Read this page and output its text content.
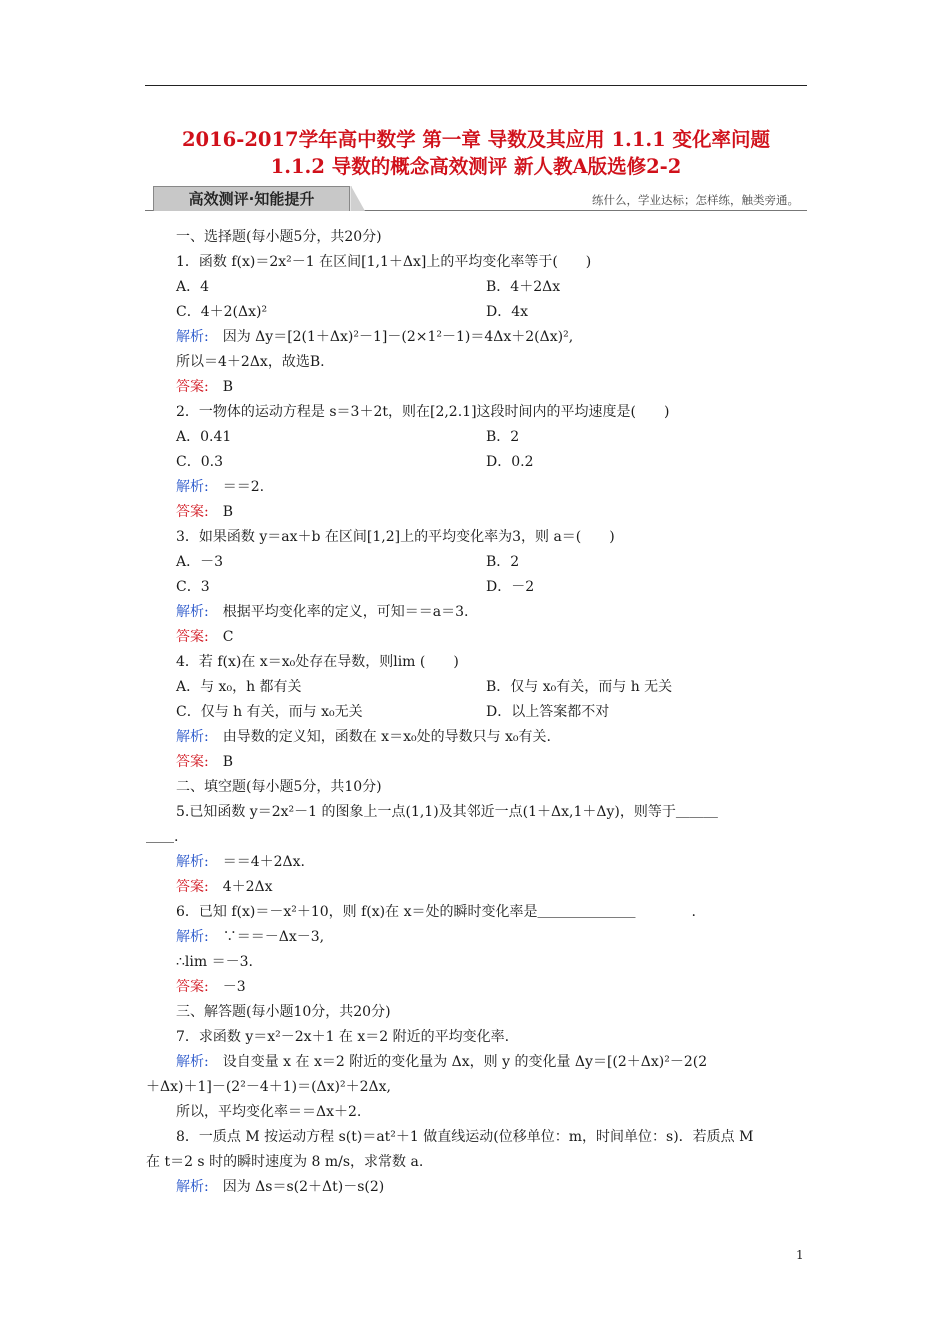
2016-2017学年高中数学 第一章 导数及其应用 1.1.1 变化率问题
1.1.2 导数的概念高效测评 新人教A版选修2-2
高效测评·知能提升	练什么，学业达标；怎样练，触类旁通。
一、选择题(每小题5分，共20分)
1．函数 f(x)＝2x²－1 在区间[1,1＋Δx]上的平均变化率等于(　　)
A．4	B．4＋2Δx
C．4＋2(Δx)²	D．4x
解析:　因为 Δy＝[2(1＋Δx)²－1]－(2×1²－1)＝4Δx＋2(Δx)²,
所以＝4＋2Δx，故选B.
答案:　B
2．一物体的运动方程是 s＝3＋2t，则在[2,2.1]这段时间内的平均速度是(　　)
A．0.41	B．2
C．0.3	D．0.2
解析:　＝＝2.
答案:　B
3．如果函数 y＝ax＋b 在区间[1,2]上的平均变化率为3，则 a＝(　　)
A．－3	B．2
C．3	D．－2
解析:　根据平均变化率的定义，可知＝＝a＝3.
答案:　C
4．若 f(x)在 x＝x₀处存在导数，则lim (　　)
A．与 x₀，h 都有关	B．仅与 x₀有关，而与 h 无关
C．仅与 h 有关，而与 x₀无关	D．以上答案都不对
解析:　由导数的定义知，函数在 x＝x₀处的导数只与 x₀有关.
答案:　B
二、填空题(每小题5分，共10分)
5.已知函数 y＝2x²－1 的图象上一点(1,1)及其邻近一点(1＋Δx,1＋Δy)，则等于＿＿＿
＿＿.
解析:　＝＝4＋2Δx.
答案:　4＋2Δx
6．已知 f(x)＝－x²＋10，则 f(x)在 x＝处的瞬时变化率是＿＿＿＿＿＿＿　　　　.
解析:　∵＝＝－Δx－3,
∴lim ＝－3.
答案:　－3
三、解答题(每小题10分，共20分)
7．求函数 y＝x²－2x＋1 在 x＝2 附近的平均变化率.
解析:　设自变量 x 在 x＝2 附近的变化量为 Δx，则 y 的变化量 Δy＝[(2＋Δx)²－2(2
＋Δx)＋1]－(2²－4＋1)＝(Δx)²＋2Δx,
所以，平均变化率＝＝Δx＋2.
8．一质点 M 按运动方程 s(t)＝at²＋1 做直线运动(位移单位：m，时间单位：s)．若质点 M
在 t＝2 s 时的瞬时速度为 8 m/s，求常数 a.
解析:　因为 Δs＝s(2＋Δt)－s(2)
1
